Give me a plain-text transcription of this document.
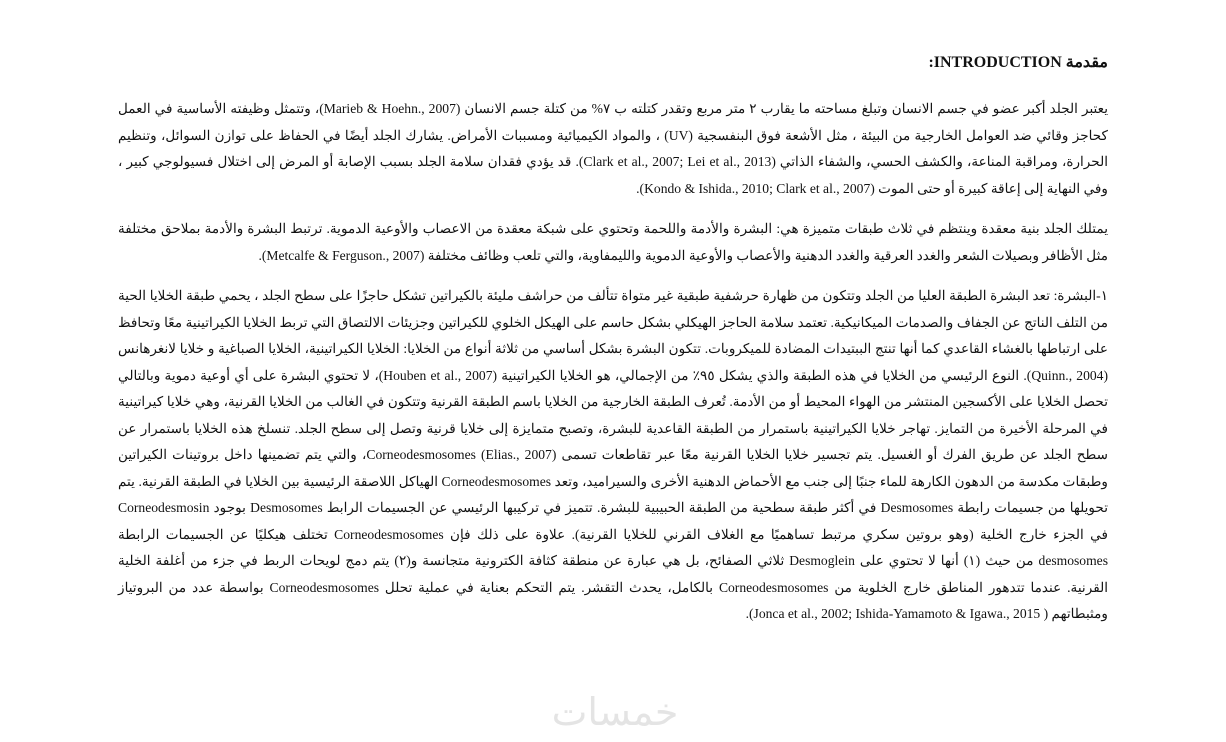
مقدمة INTRODUCTION:

يعتبر الجلد أكبر عضو في جسم الانسان وتبلغ مساحته ما يقارب ٢ متر مربع وتقدر كتلته ب ٧% من كتلة جسم الانسان (Marieb & Hoehn., 2007)، وتتمثل وظيفته الأساسية في العمل كحاجز وقائي ضد العوامل الخارجية من البيئة ، مثل الأشعة فوق البنفسجية (UV) ، والمواد الكيميائية ومسببات الأمراض. يشارك الجلد أيضًا في الحفاظ على توازن السوائل، وتنظيم الحرارة، ومراقبة المناعة، والكشف الحسي، والشفاء الذاتي (Clark et al., 2007; Lei et al., 2013). قد يؤدي فقدان سلامة الجلد بسبب الإصابة أو المرض إلى اختلال فسيولوجي كبير ، وفي النهاية إلى إعاقة كبيرة أو حتى الموت (Kondo & Ishida., 2010; Clark et al., 2007).

يمتلك الجلد بنية معقدة وينتظم في ثلاث طبقات متميزة هي: البشرة والأدمة واللحمة وتحتوي على شبكة معقدة من الاعصاب والأوعية الدموية. ترتبط البشرة والأدمة بملاحق مختلفة مثل الأظافر وبصيلات الشعر والغدد العرقية والغدد الدهنية والأعصاب والأوعية الدموية والليمفاوية، والتي تلعب وظائف مختلفة (Metcalfe & Ferguson., 2007).

١-البشرة: تعد البشرة الطبقة العليا من الجلد وتتكون من ظهارة حرشفية طبقية غير متواة تتألف من حراشف مليئة بالكيراتين تشكل حاجزًا على سطح الجلد ، يحمي طبقة الخلايا الحية من التلف الناتج عن الجفاف والصدمات الميكانيكية. تعتمد سلامة الحاجز الهيكلي بشكل حاسم على الهيكل الخلوي للكيراتين وجزيئات الالتصاق التي تربط الخلايا الكيراتينية معًا وتحافظ على ارتباطها بالغشاء القاعدي كما أنها تنتج الببتيدات المضادة للميكروبات. تتكون البشرة بشكل أساسي من ثلاثة أنواع من الخلايا: الخلايا الكيراتينية، الخلايا الصباغية و خلايا لانغرهانس (Quinn., 2004). النوع الرئيسي من الخلايا في هذه الطبقة والذي يشكل ٩٥٪ من الإجمالي، هو الخلايا الكيراتينية (Houben et al., 2007)، لا تحتوي البشرة على أي أوعية دموية وبالتالي تحصل الخلايا على الأكسجين المنتشر من الهواء المحيط أو من الأدمة. تُعرف الطبقة الخارجية من الخلايا باسم الطبقة القرنية وتتكون في الغالب من الخلايا القرنية، وهي خلايا كيراتينية في المرحلة الأخيرة من التمايز. تهاجر خلايا الكيراتينية باستمرار من الطبقة القاعدية للبشرة، وتصبح متمايزة إلى خلايا قرنية وتصل إلى سطح الجلد. تنسلخ هذه الخلايا باستمرار عن سطح الجلد عن طريق الفرك أو الغسيل. يتم تجسير خلايا الخلايا القرنية معًا عبر تقاطعات تسمى Corneodesmosomes (Elias., 2007)، والتي يتم تضمينها داخل بروتينات الكيراتين وطبقات مكدسة من الدهون الكارهة للماء جنبًا إلى جنب مع الأحماض الدهنية الأخرى والسيراميد، وتعد Corneodesmosomes الهياكل اللاصقة الرئيسية بين الخلايا في الطبقة القرنية. يتم تحويلها من جسيمات رابطة Desmosomes في أكثر طبقة سطحية من الطبقة الحبيبية للبشرة. تتميز في تركيبها الرئيسي عن الجسيمات الرابط Desmosomes بوجود Corneodesmosin في الجزء خارج الخلية (وهو بروتين سكري مرتبط تساهميًا مع الغلاف القرني للخلايا القرنية). علاوة على ذلك فإن Corneodesmosomes تختلف هيكليًا عن الجسيمات الرابطة desmosomes من حيث (١) أنها لا تحتوي على Desmoglein ثلاثي الصفائح، بل هي عبارة عن منطقة كثافة الكترونية متجانسة و(٢) يتم دمج لويحات الربط في جزء من أغلفة الخلية القرنية. عندما تتدهور المناطق خارج الخلوية من Corneodesmosomes بالكامل، يحدث التقشر. يتم التحكم بعناية في عملية تحلل Corneodesmosomes بواسطة عدد من البروتياز ومثبطاتهم ( Jonca et al., 2002; Ishida-Yamamoto & Igawa., 2015).

خمسات
